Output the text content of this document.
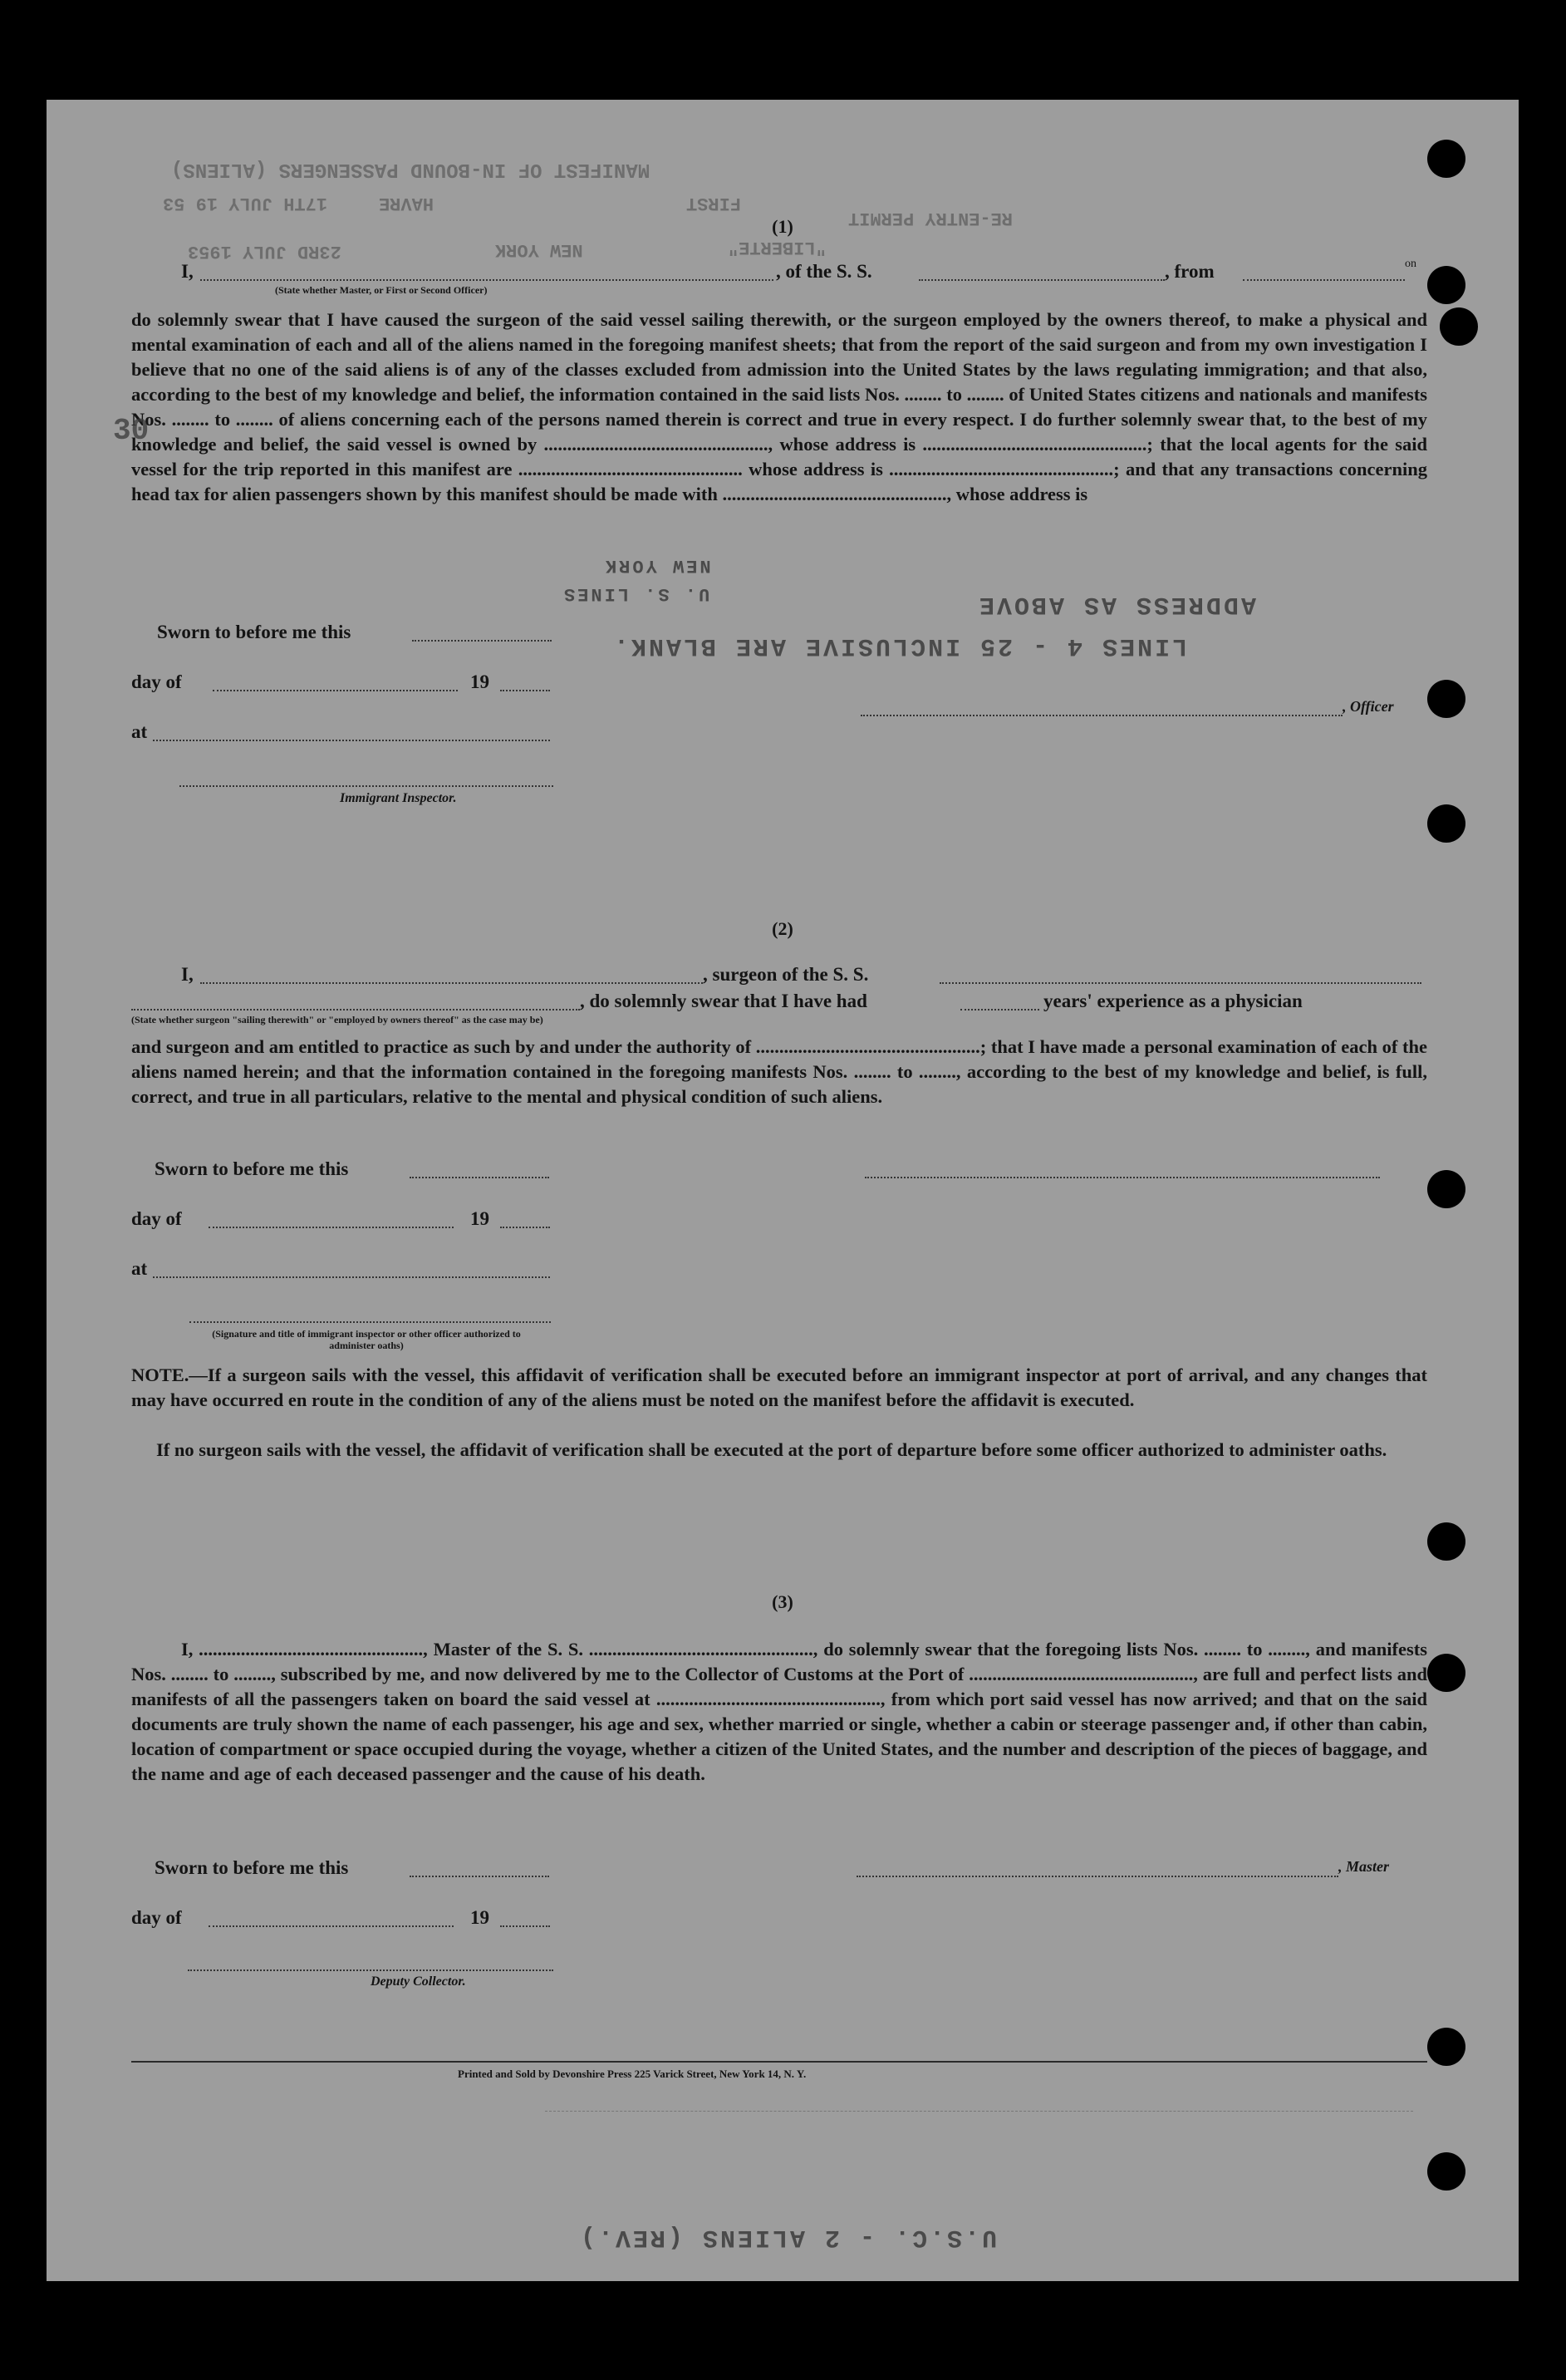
MANIFEST OF IN-BOUND PASSENGERS (ALIENS)
17TH JULY 19 53	HAVRE	FIRST
RE-ENTRY PERMIT
"LIBERTE"
23RD JULY 1953	NEW YORK
(1)
I,	, of the S. S.	, from	on
(State whether Master, or First or Second Officer)

do solemnly swear that I have caused the surgeon of the said vessel sailing therewith, or the surgeon employed by the owners thereof, to make a physical and mental examination of each and all of the aliens named in the foregoing manifest sheets; that from the report of the said surgeon and from my own investigation I believe that no one of the said aliens is of any of the classes excluded from admission into the United States by the laws regulating immigration; and that also, according to the best of my knowledge and belief, the information contained in the said lists Nos. ........ to ........ of United States citizens and nationals and manifests Nos. ........ to ........ of aliens concerning each of the persons named therein is correct and true in every respect. I do further solemnly swear that, to the best of my knowledge and belief, the said vessel is owned by ................................................, whose address is ................................................; that the local agents for the said vessel for the trip reported in this manifest are ................................................ whose address is ................................................; and that any transactions concerning head tax for alien passengers shown by this manifest should be made with ................................................, whose address is

30
U. S. LINES
NEW YORK
ADDRESS AS ABOVE
LINES 4 - 25 INCLUSIVE ARE BLANK.
Sworn to before me this
day of	19
at
, Officer
Immigrant Inspector.
(2)
I,	, surgeon of the S. S.
, do solemnly swear that I have had	years' experience as a physician
(State whether surgeon "sailing therewith" or "employed by owners thereof" as the case may be)

and surgeon and am entitled to practice as such by and under the authority of ................................................; that I have made a personal examination of each of the aliens named herein; and that the information contained in the foregoing manifests Nos. ........ to ........, according to the best of my knowledge and belief, is full, correct, and true in all particulars, relative to the mental and physical condition of such aliens.

Sworn to before me this
day of	19
at
(Signature and title of immigrant inspector or other officer authorized to administer oaths)

NOTE.—If a surgeon sails with the vessel, this affidavit of verification shall be executed before an immigrant inspector at port of arrival, and any changes that may have occurred en route in the condition of any of the aliens must be noted on the manifest before the affidavit is executed.

If no surgeon sails with the vessel, the affidavit of verification shall be executed at the port of departure before some officer authorized to administer oaths.

(3)

I, ................................................, Master of the S. S. ................................................, do solemnly swear that the foregoing lists Nos. ........ to ........, and manifests Nos. ........ to ........, subscribed by me, and now delivered by me to the Collector of Customs at the Port of ................................................, are full and perfect lists and manifests of all the passengers taken on board the said vessel at ................................................, from which port said vessel has now arrived; and that on the said documents are truly shown the name of each passenger, his age and sex, whether married or single, whether a cabin or steerage passenger and, if other than cabin, location of compartment or space occupied during the voyage, whether a citizen of the United States, and the number and description of the pieces of baggage, and the name and age of each deceased passenger and the cause of his death.

Sworn to before me this	, Master
day of	19
Deputy Collector.
Printed and Sold by Devonshire Press 225 Varick Street, New York 14, N. Y.
U.S.C. - 2 ALIENS (REV.)
